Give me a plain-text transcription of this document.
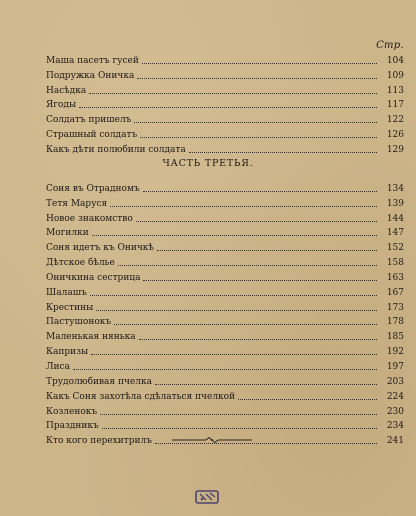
Стр.
Маша пасетъ гусей	104
Подружка Оничка	109
Насѣдка	113
Ягоды	117
Солдатъ пришелъ	122
Страшный солдатъ	126
Какъ дѣти полюбили солдата	129
ЧАСТЬ ТРЕТЬЯ.
Соня въ Отрадномъ	134
Тетя Маруся	139
Новое знакомство	144
Могилки	147
Соня идетъ къ Оничкѣ	152
Дѣтское бѣлье	158
Оничкина сестрица	163
Шалашъ	167
Крестины	173
Пастушонокъ	178
Маленькая нянька	185
Капризы	192
Лиса	197
Трудолюбивая пчелка	203
Какъ Соня захотѣла сдѣлаться пчелкой	224
Козленокъ	230
Праздникъ	234
Кто кого перехитрилъ	241
